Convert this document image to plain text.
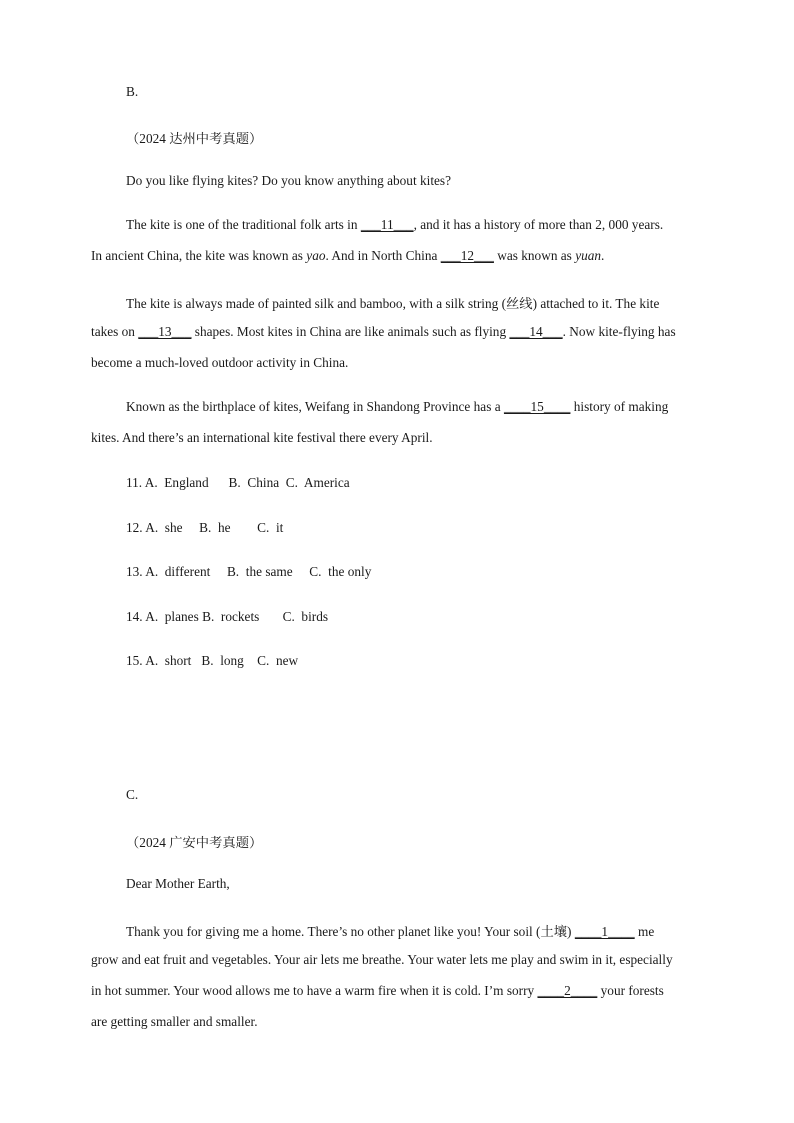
B.
（2024 达州中考真题）
Do you like flying kites? Do you know anything about kites?
The kite is one of the traditional folk arts in ___11___, and it has a history of more than 2, 000 years.
In ancient China, the kite was known as yao. And in North China ___12___ was known as yuan.
The kite is always made of painted silk and bamboo, with a silk string (丝线) attached to it. The kite
takes on ___13___ shapes. Most kites in China are like animals such as flying ___14___. Now kite-flying has
become a much-loved outdoor activity in China.
Known as the birthplace of kites, Weifang in Shandong Province has a ____15____ history of making
kites. And there’s an international kite festival there every April.
11. A.  England      B.  China  C.  America
12. A.  she     B.  he        C.  it
13. A.  different     B.  the same     C.  the only
14. A.  planes B.  rockets       C.  birds
15. A.  short   B.  long    C.  new
C.
（2024 广安中考真题）
Dear Mother Earth,
Thank you for giving me a home. There’s no other planet like you! Your soil (土壤) ____1____ me
grow and eat fruit and vegetables. Your air lets me breathe. Your water lets me play and swim in it, especially
in hot summer. Your wood allows me to have a warm fire when it is cold. I’m sorry ____2____ your forests
are getting smaller and smaller.
